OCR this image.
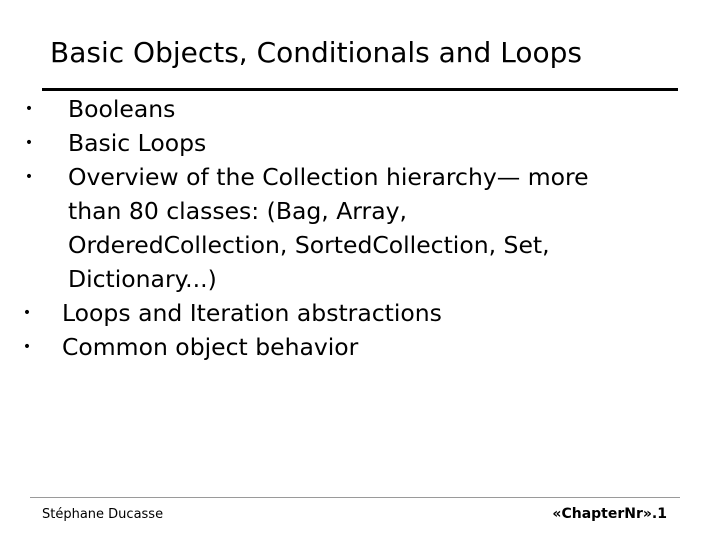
Basic Objects, Conditionals and Loops
• Booleans
• Basic Loops
• Overview of the Collection hierarchy— more
than 80 classes: (Bag, Array,
OrderedCollection, SortedCollection, Set,
Dictionary...)
• Loops and Iteration abstractions
• Common object behavior
Stéphane Ducasse	«ChapterNr».1
